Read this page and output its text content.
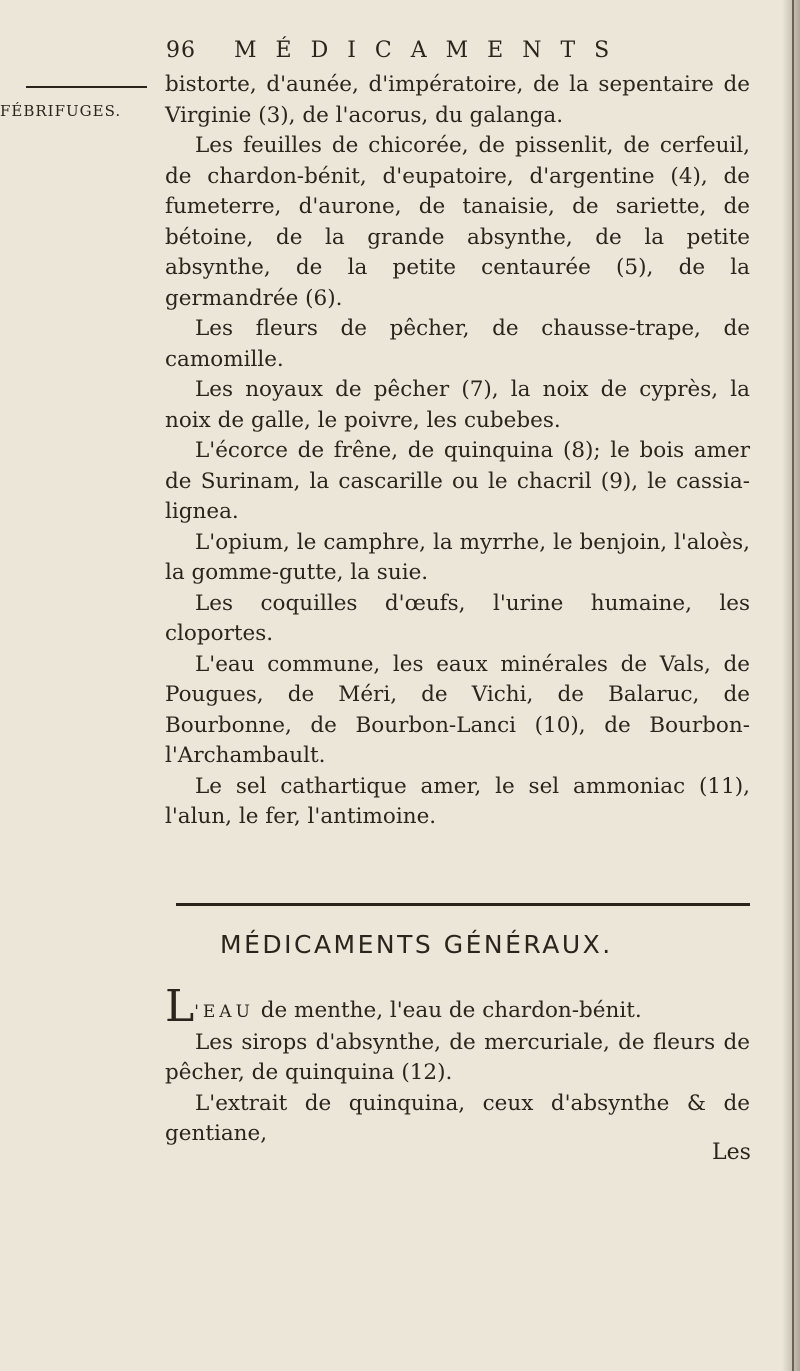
96 MÉDICAMENTS
FÉBRIFUGES.

bistorte, d'aunée, d'impératoire, de la sepentaire de Virginie (3), de l'acorus, du galanga.

Les feuilles de chicorée, de pissenlit, de cerfeuil, de chardon-bénit, d'eupatoire, d'argentine (4), de fumeterre, d'aurone, de tanaisie, de sariette, de bétoine, de la grande absynthe, de la petite absynthe, de la petite centaurée (5), de la germandrée (6).

Les fleurs de pêcher, de chausse-trape, de camomille.

Les noyaux de pêcher (7), la noix de cyprès, la noix de galle, le poivre, les cubebes.

L'écorce de frêne, de quinquina (8); le bois amer de Surinam, la cascarille ou le chacril (9), le cassia-lignea.

L'opium, le camphre, la myrrhe, le benjoin, l'aloès, la gomme-gutte, la suie.

Les coquilles d'œufs, l'urine humaine, les cloportes.

L'eau commune, les eaux minérales de Vals, de Pougues, de Méri, de Vichi, de Balaruc, de Bourbonne, de Bourbon-Lanci (10), de Bourbon-l'Archambault.

Le sel cathartique amer, le sel ammoniac (11), l'alun, le fer, l'antimoine.

MÉDICAMENTS GÉNÉRAUX.

L'EAU de menthe, l'eau de chardon-bénit.

Les sirops d'absynthe, de mercuriale, de fleurs de pêcher, de quinquina (12).

L'extrait de quinquina, ceux d'absynthe & de gentiane,

Les
